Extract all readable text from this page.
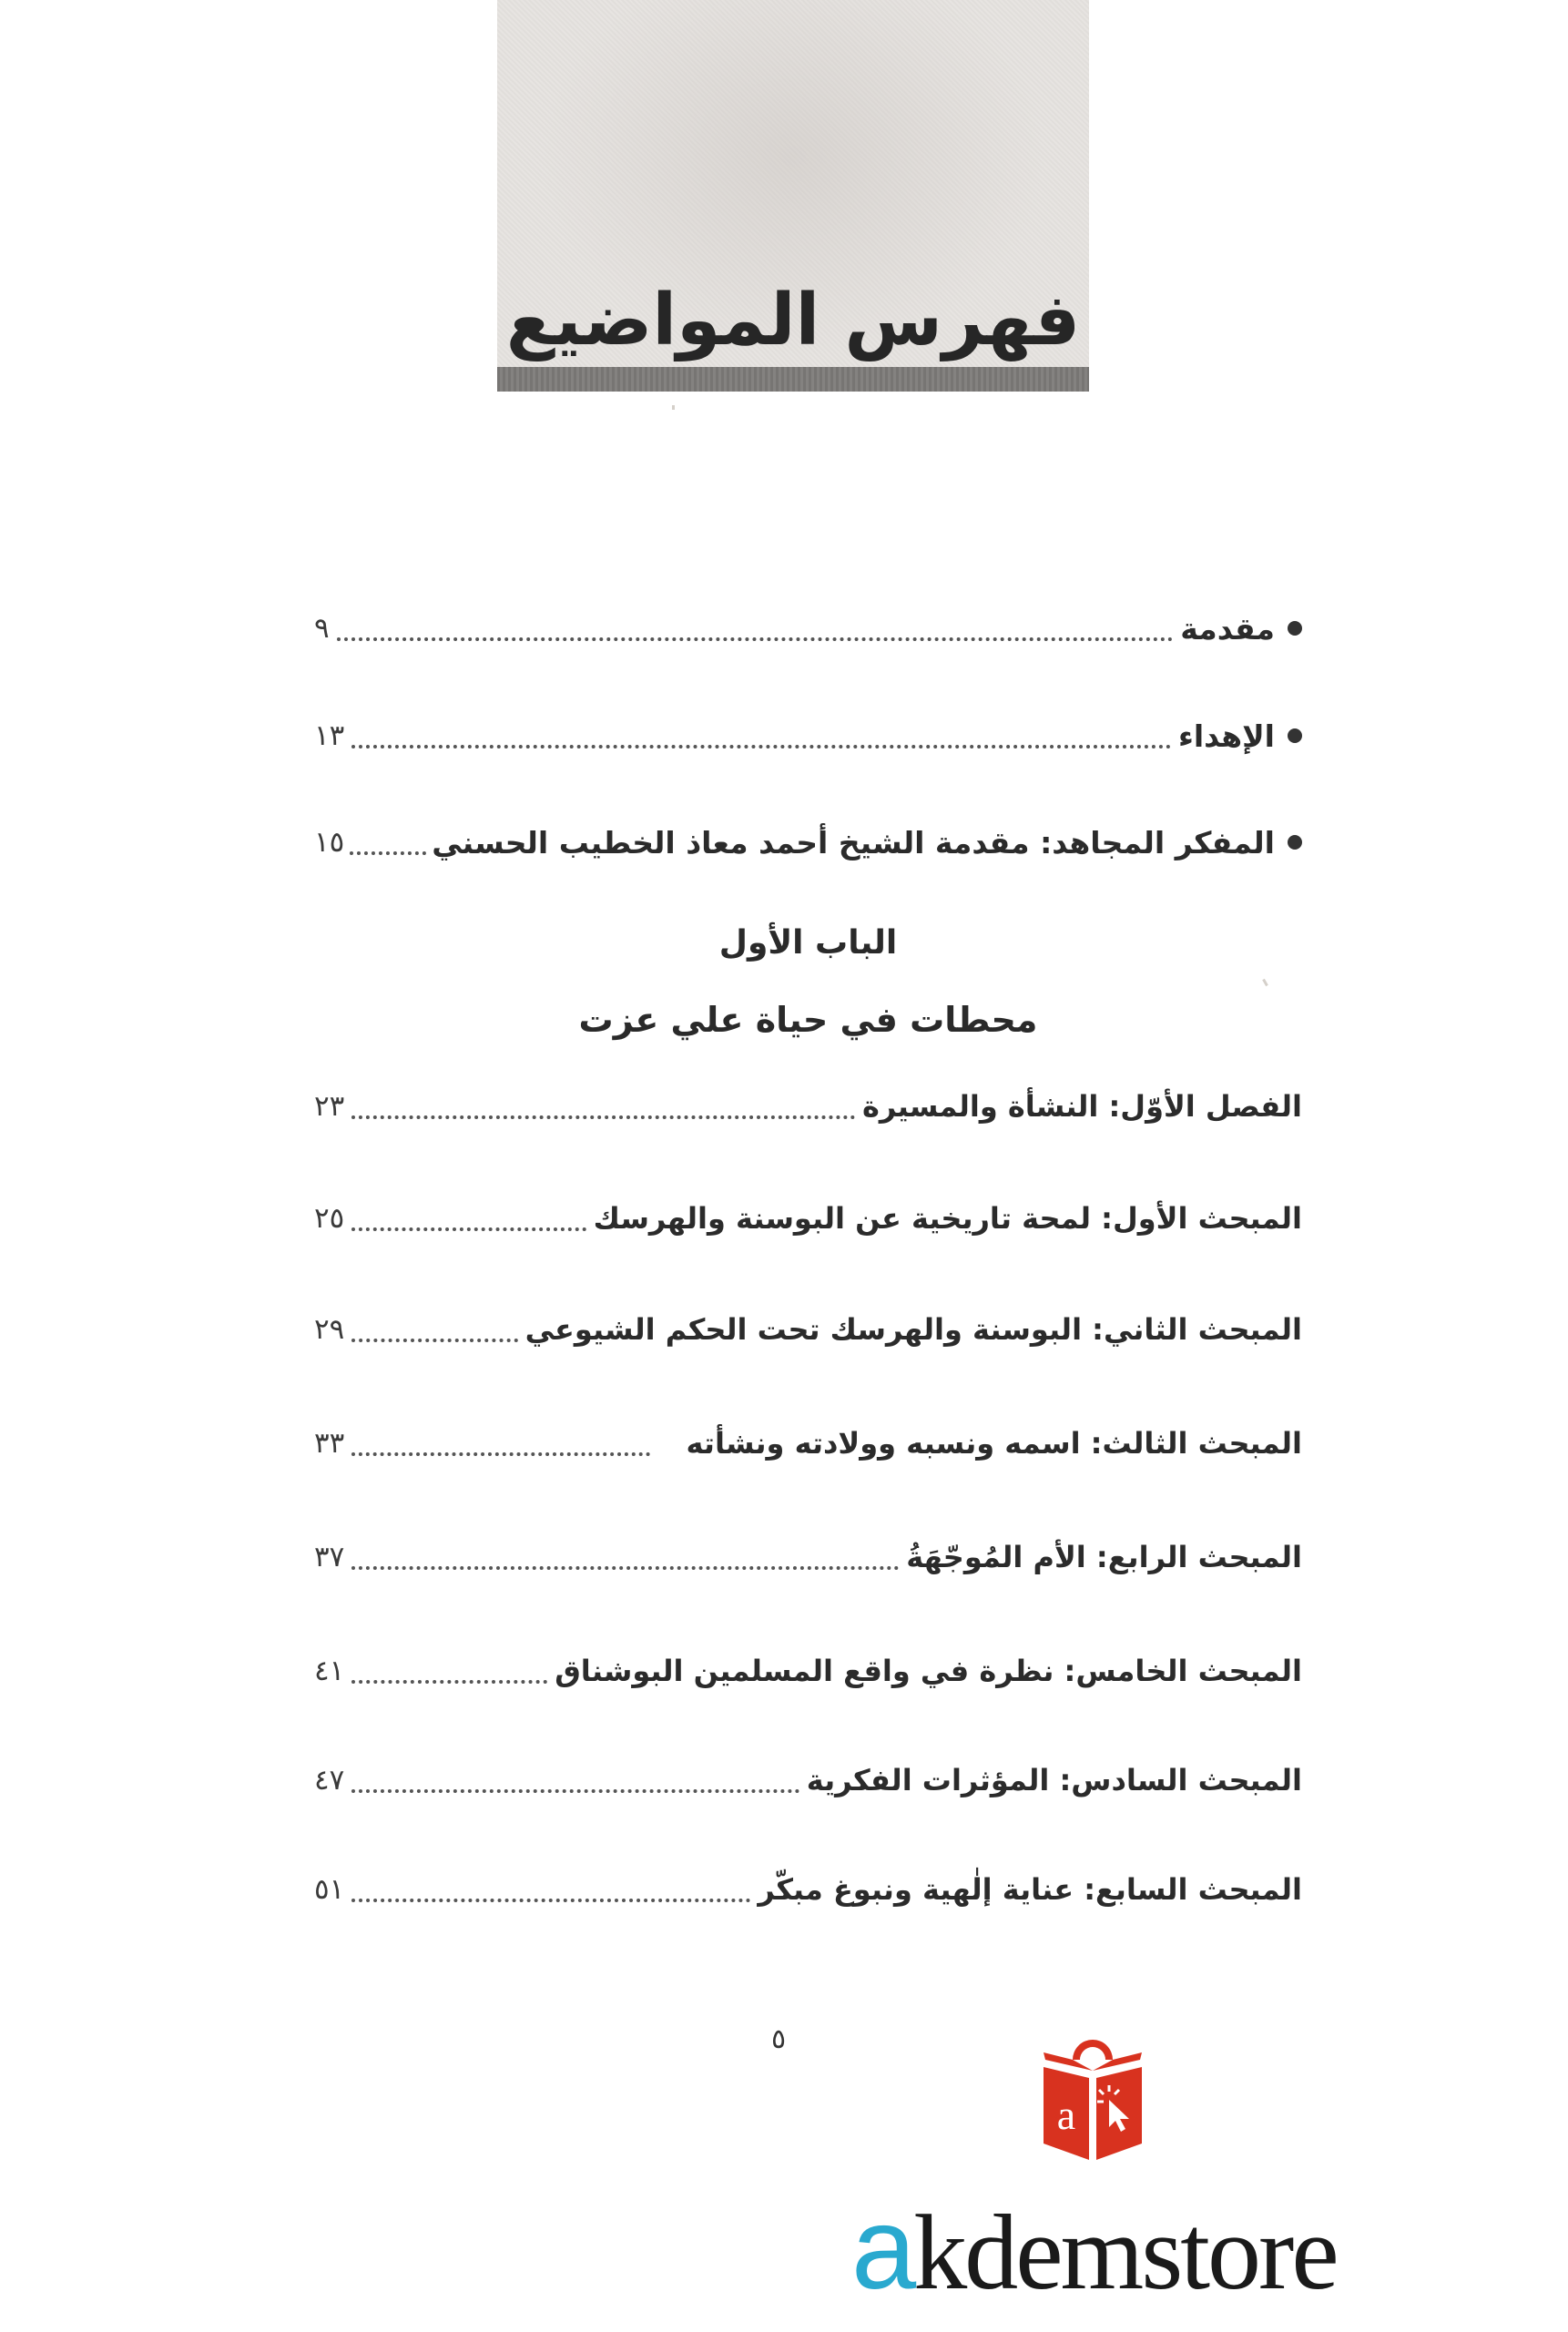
فهرس المواضيع
مقدمة
٩
الإهداء
١٣
المفكر المجاهد: مقدمة الشيخ أحمد معاذ الخطيب الحسني
١٥
الباب الأول
محطات في حياة علي عزت
الفصل الأوّل: النشأة والمسيرة
٢٣
المبحث الأول: لمحة تاريخية عن البوسنة والهرسك
٢٥
المبحث الثاني: البوسنة والهرسك تحت الحكم الشيوعي
٢٩
المبحث الثالث: اسمه ونسبه وولادته ونشأته
٣٣
المبحث الرابع: الأم المُوجّهَةُ
٣٧
المبحث الخامس: نظرة في واقع المسلمين البوشناق
٤١
المبحث السادس: المؤثرات الفكرية
٤٧
المبحث السابع: عناية إلٰهية ونبوغ مبكّر
٥١
٥
a
akdemstore
